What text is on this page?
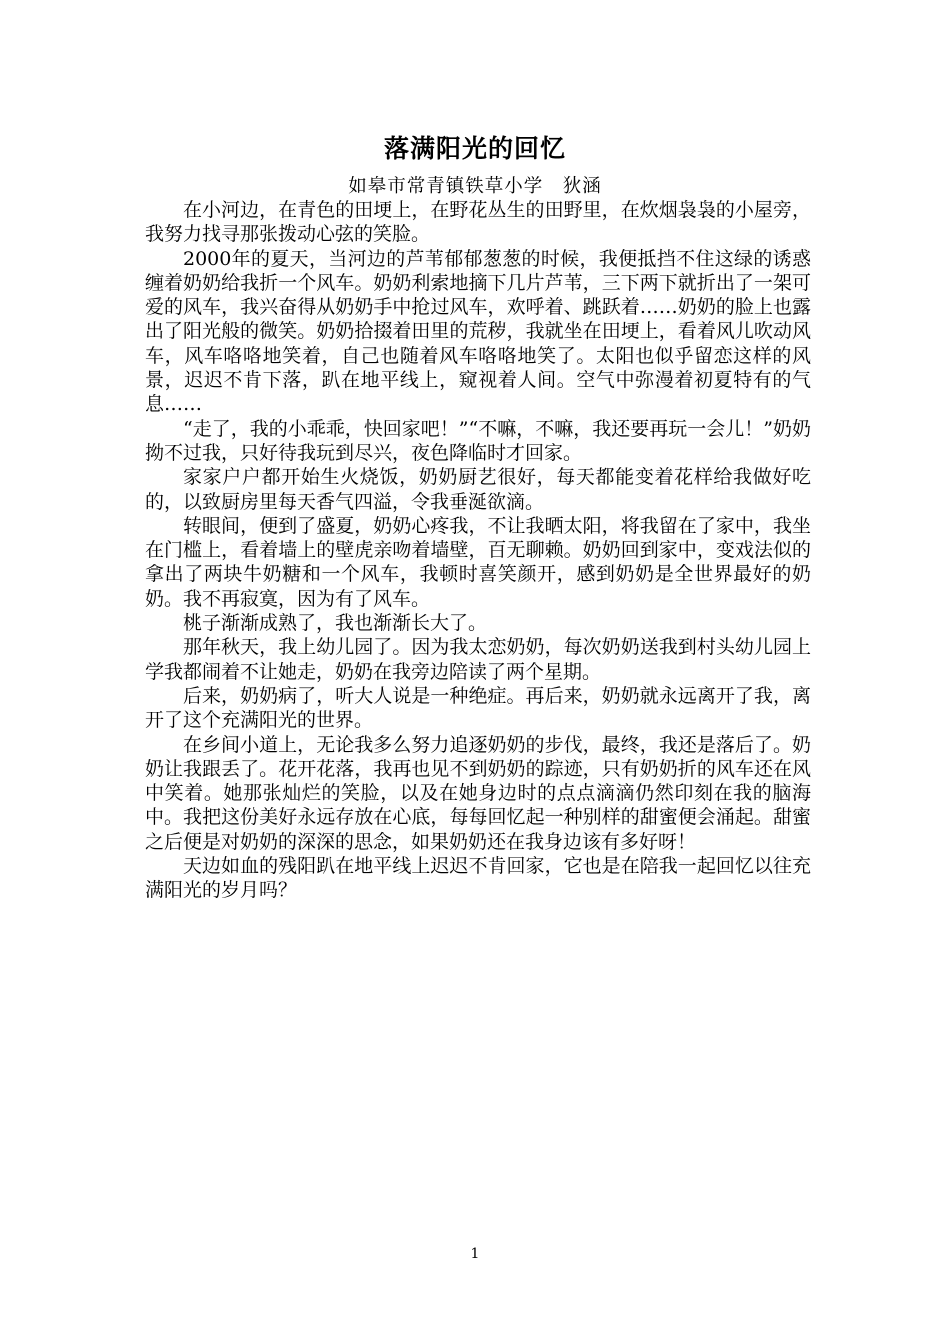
落满阳光的回忆
如皋市常青镇铁草小学　狄涵

在小河边，在青色的田埂上，在野花丛生的田野里，在炊烟袅袅的小屋旁，我努力找寻那张拨动心弦的笑脸。

2000年的夏天，当河边的芦苇郁郁葱葱的时候，我便抵挡不住这绿的诱惑缠着奶奶给我折一个风车。奶奶利索地摘下几片芦苇，三下两下就折出了一架可爱的风车，我兴奋得从奶奶手中抢过风车，欢呼着、跳跃着……奶奶的脸上也露出了阳光般的微笑。奶奶拾掇着田里的荒秽，我就坐在田埂上，看着风儿吹动风车，风车咯咯地笑着，自己也随着风车咯咯地笑了。太阳也似乎留恋这样的风景，迟迟不肯下落，趴在地平线上，窥视着人间。空气中弥漫着初夏特有的气息……

“走了，我的小乖乖，快回家吧！”“不嘛，不嘛，我还要再玩一会儿！”奶奶拗不过我，只好待我玩到尽兴，夜色降临时才回家。

家家户户都开始生火烧饭，奶奶厨艺很好，每天都能变着花样给我做好吃的，以致厨房里每天香气四溢，令我垂涎欲滴。

转眼间，便到了盛夏，奶奶心疼我，不让我晒太阳，将我留在了家中，我坐在门槛上，看着墙上的壁虎亲吻着墙壁，百无聊赖。奶奶回到家中，变戏法似的拿出了两块牛奶糖和一个风车，我顿时喜笑颜开，感到奶奶是全世界最好的奶奶。我不再寂寞，因为有了风车。

桃子渐渐成熟了，我也渐渐长大了。

那年秋天，我上幼儿园了。因为我太恋奶奶，每次奶奶送我到村头幼儿园上学我都闹着不让她走，奶奶在我旁边陪读了两个星期。

后来，奶奶病了，听大人说是一种绝症。再后来，奶奶就永远离开了我，离开了这个充满阳光的世界。

在乡间小道上，无论我多么努力追逐奶奶的步伐，最终，我还是落后了。奶奶让我跟丢了。花开花落，我再也见不到奶奶的踪迹，只有奶奶折的风车还在风中笑着。她那张灿烂的笑脸，以及在她身边时的点点滴滴仍然印刻在我的脑海中。我把这份美好永远存放在心底，每每回忆起一种别样的甜蜜便会涌起。甜蜜之后便是对奶奶的深深的思念，如果奶奶还在我身边该有多好呀！

天边如血的残阳趴在地平线上迟迟不肯回家，它也是在陪我一起回忆以往充满阳光的岁月吗？

1
